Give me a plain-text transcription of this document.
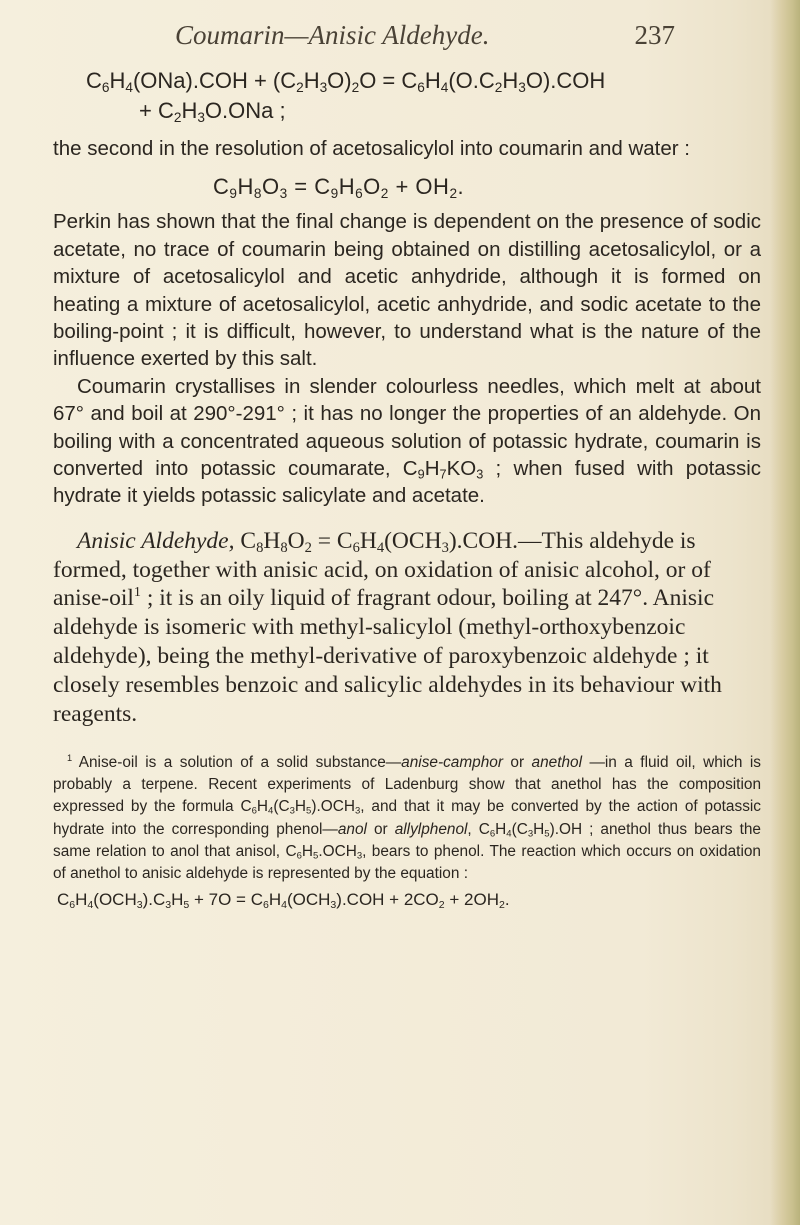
Coumarin—Anisic Aldehyde.	237
$C_6H_4(ONa).COH + (C_2H_3O)_2O = C_6H_4(O.C_2H_3O).COH$
+ $C_2H_3O.ONa$ ;

the second in the resolution of acetosalicylol into coumarin and water :

$C_9H_8O_3 = C_9H_6O_2 + OH_2$.

Perkin has shown that the final change is dependent on the presence of sodic acetate, no trace of coumarin being obtained on distilling acetosalicylol, or a mixture of acetosalicylol and acetic anhydride, although it is formed on heating a mixture of acetosalicylol, acetic anhydride, and sodic acetate to the boiling-point ; it is difficult, however, to understand what is the nature of the influence exerted by this salt.

Coumarin crystallises in slender colourless needles, which melt at about 67° and boil at 290°-291° ; it has no longer the properties of an aldehyde. On boiling with a concentrated aqueous solution of potassic hydrate, coumarin is converted into potassic coumarate, $C_9H_7KO_3$ ; when fused with potassic hydrate it yields potassic salicylate and acetate.

Anisic Aldehyde, $C_8H_8O_2$ = $C_6H_4(OCH_3).COH.—This$ aldehyde is formed, together with anisic acid, on oxidation of anisic alcohol, or of anise-oil$^1$ ; it is an oily liquid of fragrant odour, boiling at 247°. Anisic aldehyde is isomeric with methyl-salicylol (methyl-orthoxybenzoic aldehyde), being the methyl-derivative of paroxybenzoic aldehyde ; it closely resembles benzoic and salicylic aldehydes in its behaviour with reagents.

$^1$ Anise-oil is a solution of a solid substance—anise-camphor or anethol —in a fluid oil, which is probably a terpene. Recent experiments of Ladenburg show that anethol has the composition expressed by the formula $C_6H_4(C_3H_5).OCH_3$, and that it may be converted by the action of potassic hydrate into the corresponding phenol—anol or allylphenol, $C_6H_4(C_3H_5).OH$ ; anethol thus bears the same relation to anol that anisol, $C_6H_5.OCH_3$, bears to phenol. The reaction which occurs on oxidation of anethol to anisic aldehyde is represented by the equation :

$C_6H_4(OCH_3).C_3H_5 + 7O = C_6H_4(OCH_3).COH + 2CO_2 + 2OH_2$.
